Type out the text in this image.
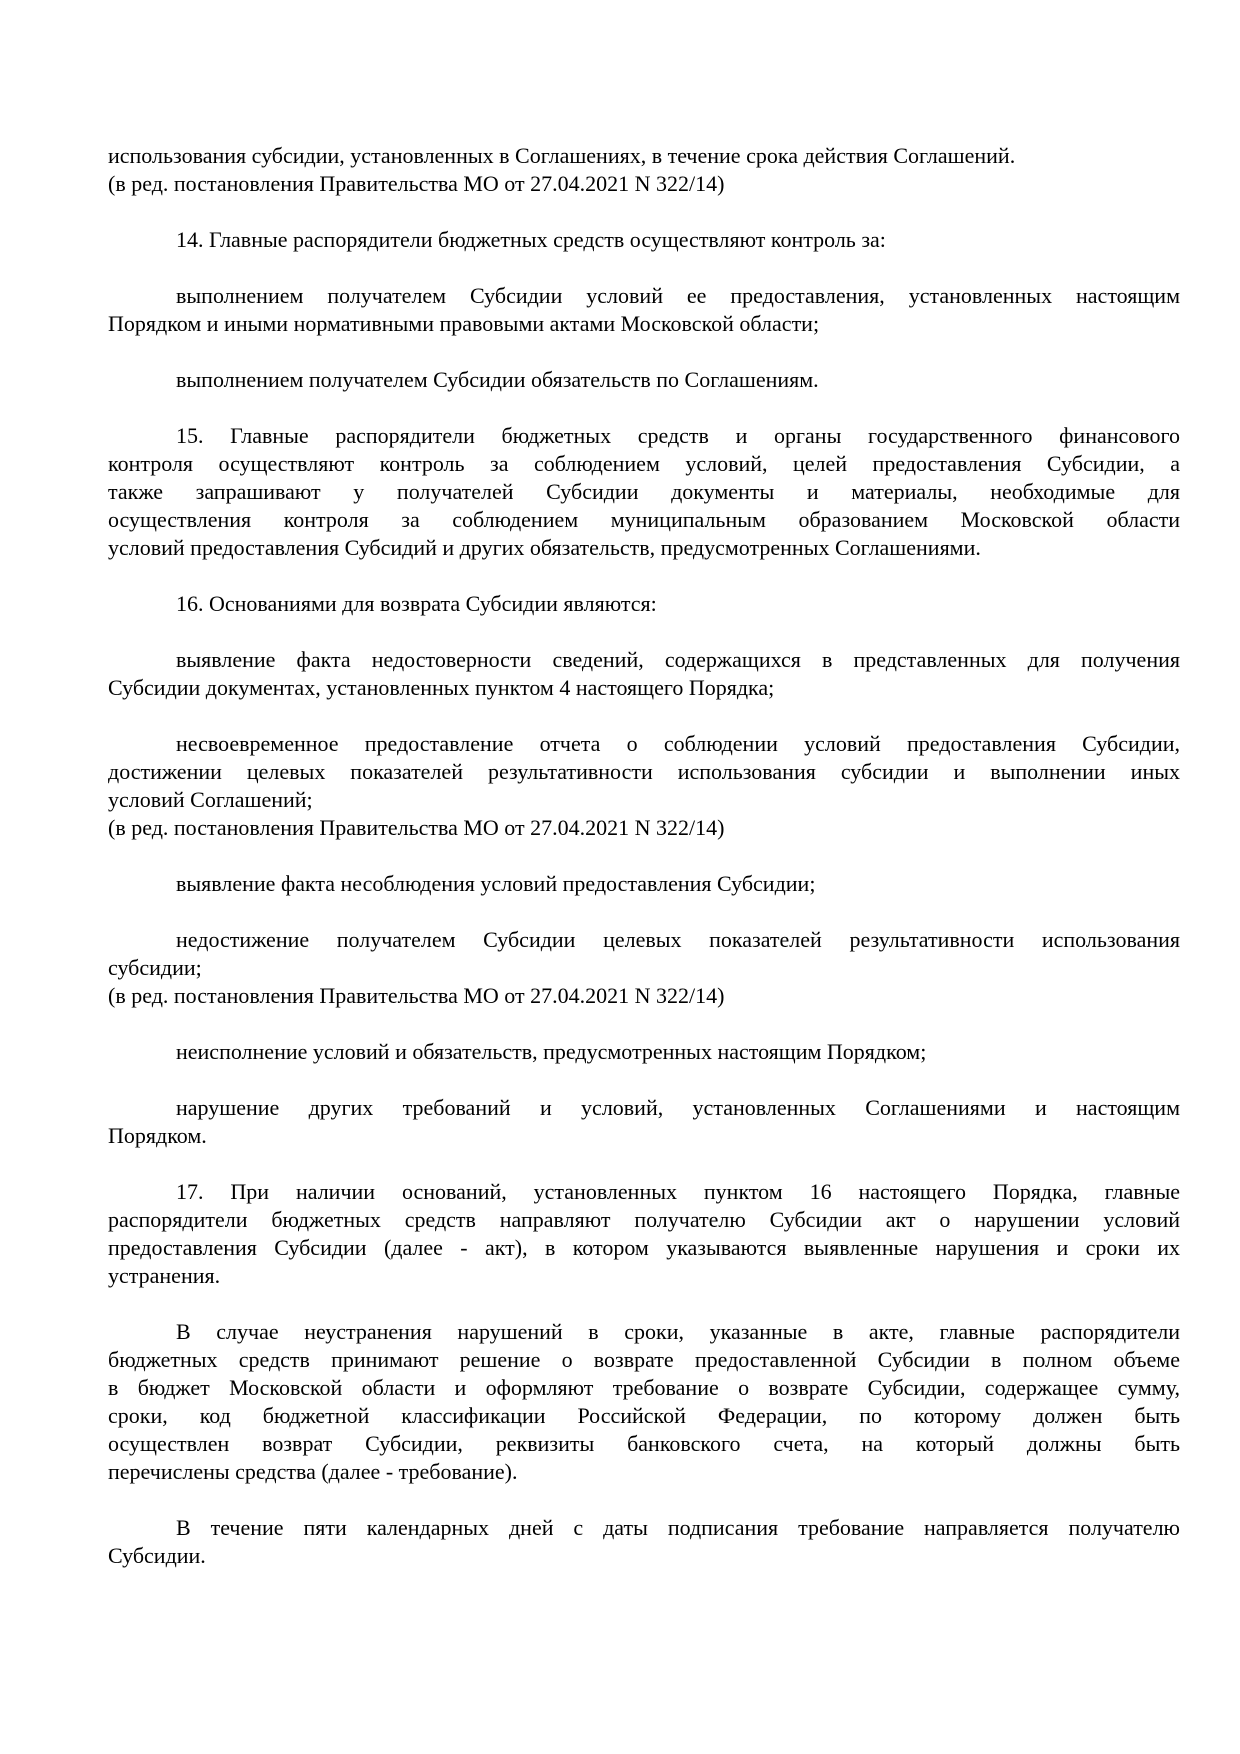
использования субсидии, установленных в Соглашениях, в течение срока действия Соглашений.
(в ред. постановления Правительства МО от 27.04.2021 N 322/14)
14. Главные распорядители бюджетных средств осуществляют контроль за:
выполнением получателем Субсидии условий ее предоставления, установленных настоящим
Порядком и иными нормативными правовыми актами Московской области;
выполнением получателем Субсидии обязательств по Соглашениям.
15. Главные распорядители бюджетных средств и органы государственного финансового
контроля осуществляют контроль за соблюдением условий, целей предоставления Субсидии, а
также запрашивают у получателей Субсидии документы и материалы, необходимые для
осуществления контроля за соблюдением муниципальным образованием Московской области
условий предоставления Субсидий и других обязательств, предусмотренных Соглашениями.
16. Основаниями для возврата Субсидии являются:
выявление факта недостоверности сведений, содержащихся в представленных для получения
Субсидии документах, установленных пунктом 4 настоящего Порядка;
несвоевременное предоставление отчета о соблюдении условий предоставления Субсидии,
достижении целевых показателей результативности использования субсидии и выполнении иных
условий Соглашений;
(в ред. постановления Правительства МО от 27.04.2021 N 322/14)
выявление факта несоблюдения условий предоставления Субсидии;
недостижение получателем Субсидии целевых показателей результативности использования
субсидии;
(в ред. постановления Правительства МО от 27.04.2021 N 322/14)
неисполнение условий и обязательств, предусмотренных настоящим Порядком;
нарушение других требований и условий, установленных Соглашениями и настоящим
Порядком.
17. При наличии оснований, установленных пунктом 16 настоящего Порядка, главные
распорядители бюджетных средств направляют получателю Субсидии акт о нарушении условий
предоставления Субсидии (далее - акт), в котором указываются выявленные нарушения и сроки их
устранения.
В случае неустранения нарушений в сроки, указанные в акте, главные распорядители
бюджетных средств принимают решение о возврате предоставленной Субсидии в полном объеме
в бюджет Московской области и оформляют требование о возврате Субсидии, содержащее сумму,
сроки, код бюджетной классификации Российской Федерации, по которому должен быть
осуществлен возврат Субсидии, реквизиты банковского счета, на который должны быть
перечислены средства (далее - требование).
В течение пяти календарных дней с даты подписания требование направляется получателю
Субсидии.
